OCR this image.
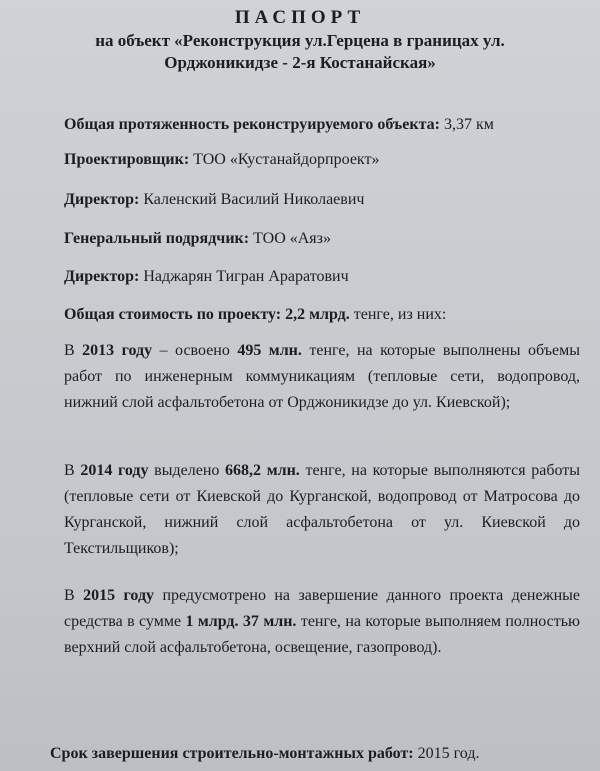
ПАСПОРТ
на объект «Реконструкция ул.Герцена в границах ул.
Орджоникидзе - 2-я Костанайская»
Общая протяженность реконструируемого объекта: 3,37 км
Проектировщик: ТОО «Кустанайдорпроект»
Директор: Каленский Василий Николаевич
Генеральный подрядчик: ТОО «Аяз»
Директор: Наджарян Тигран Араратович
Общая стоимость по проекту: 2,2 млрд. тенге, из них:
В 2013 году – освоено 495 млн. тенге, на которые выполнены объемы работ по инженерным коммуникациям (тепловые сети, водопровод, нижний слой асфальтобетона от Орджоникидзе до ул. Киевской);
В 2014 году выделено 668,2 млн. тенге, на которые выполняются работы (тепловые сети от Киевской до Курганской, водопровод от Матросова до Курганской, нижний слой асфальтобетона от ул. Киевской до Текстильщиков);
В 2015 году предусмотрено на завершение данного проекта денежные средства в сумме 1 млрд. 37 млн. тенге, на которые выполняем полностью верхний слой асфальтобетона, освещение, газопровод).
Срок завершения строительно-монтажных работ: 2015 год.
